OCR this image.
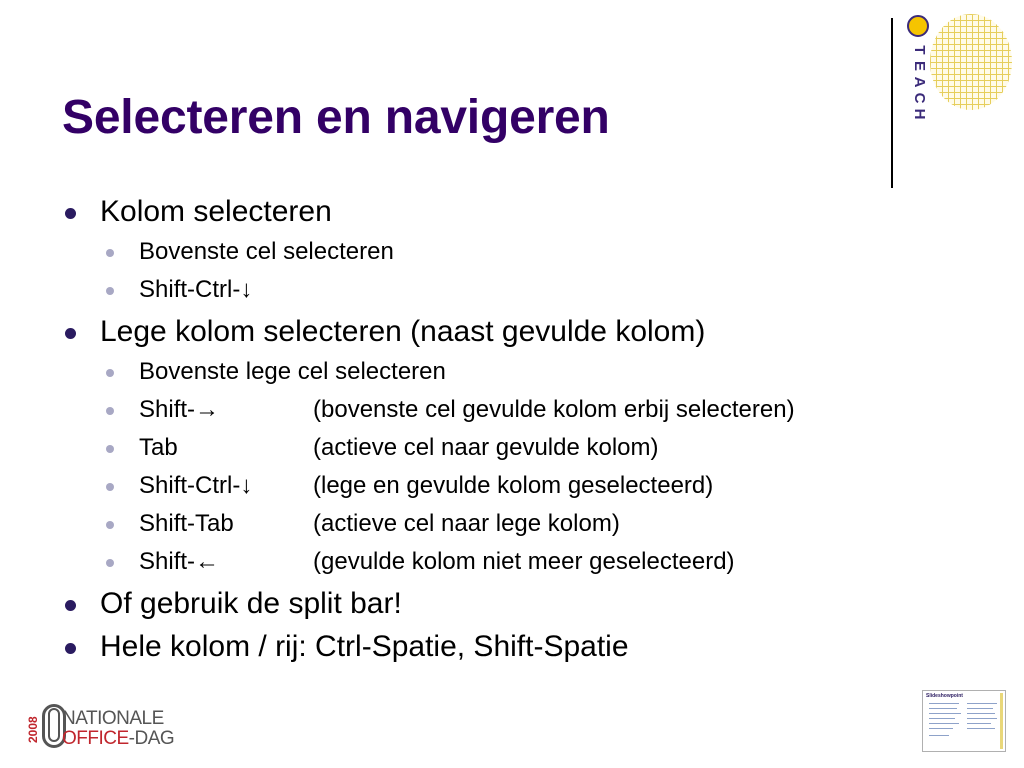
T
E
A
C
H
Selecteren en navigeren
Kolom selecteren
Bovenste cel selecteren
Shift-Ctrl-↓
Lege kolom selecteren (naast gevulde kolom)
Bovenste lege cel selecteren
Shift-→	(bovenste cel gevulde kolom erbij selecteren)
Tab	(actieve cel naar gevulde kolom)
Shift-Ctrl-↓	(lege en gevulde kolom geselecteerd)
Shift-Tab	(actieve cel naar lege kolom)
Shift-←	(gevulde kolom niet meer geselecteerd)
Of gebruik de split bar!
Hele kolom / rij: Ctrl-Spatie, Shift-Spatie
2008 NATIONALE
OFFICE-DAG
Slideshowpoint
